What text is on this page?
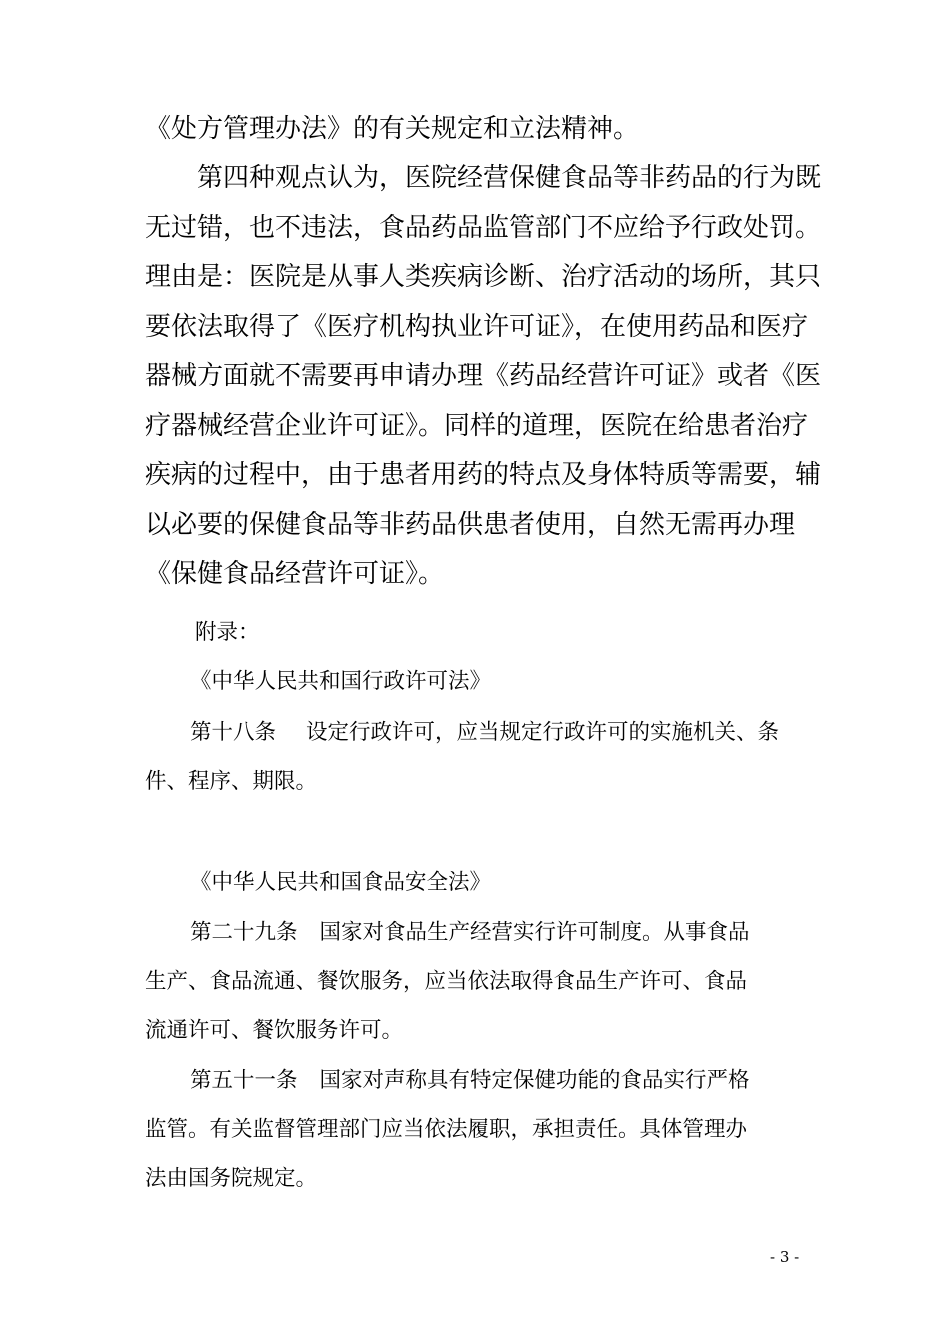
《处方管理办法》的有关规定和立法精神。
第四种观点认为，医院经营保健食品等非药品的行为既
无过错，也不违法，食品药品监管部门不应给予行政处罚。
理由是：医院是从事人类疾病诊断、治疗活动的场所，其只
要依法取得了《医疗机构执业许可证》，在使用药品和医疗
器械方面就不需要再申请办理《药品经营许可证》或者《医
疗器械经营企业许可证》。同样的道理，医院在给患者治疗
疾病的过程中，由于患者用药的特点及身体特质等需要，辅
以必要的保健食品等非药品供患者使用，自然无需再办理
《保健食品经营许可证》。
附录：
《中华人民共和国行政许可法》
第十八条 设定行政许可，应当规定行政许可的实施机关、条
件、程序、期限。
《中华人民共和国食品安全法》
第二十九条 国家对食品生产经营实行许可制度。从事食品
生产、食品流通、餐饮服务，应当依法取得食品生产许可、食品
流通许可、餐饮服务许可。
第五十一条 国家对声称具有特定保健功能的食品实行严格
监管。有关监督管理部门应当依法履职，承担责任。具体管理办
法由国务院规定。
- 3 -
